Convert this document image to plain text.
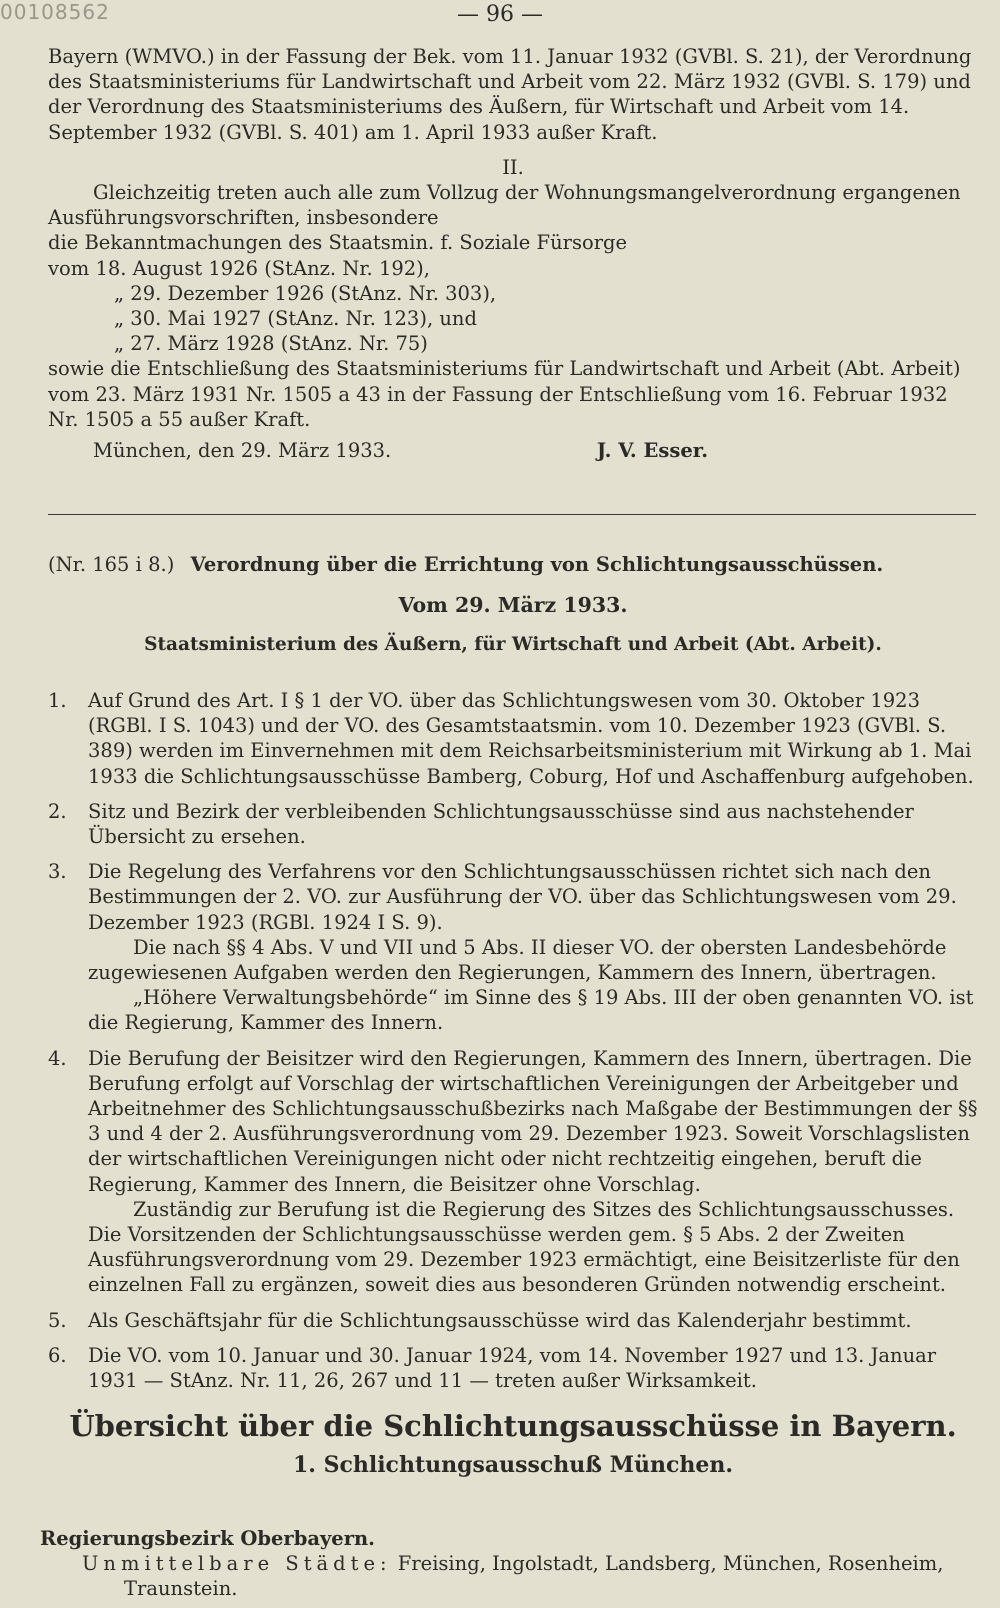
00108562	— 96 —

Bayern (WMVO.) in der Fassung der Bek. vom 11. Januar 1932 (GVBl. S. 21), der Verordnung des Staatsministeriums für Landwirtschaft und Arbeit vom 22. März 1932 (GVBl. S. 179) und der Verordnung des Staatsministeriums des Äußern, für Wirtschaft und Arbeit vom 14. September 1932 (GVBl. S. 401) am 1. April 1933 außer Kraft.

II.

Gleichzeitig treten auch alle zum Vollzug der Wohnungsmangelverordnung ergangenen Ausführungsvorschriften, insbesondere

die Bekanntmachungen des Staatsmin. f. Soziale Fürsorge

vom 18. August 1926 (StAnz. Nr. 192),

„ 29. Dezember 1926 (StAnz. Nr. 303),

„ 30. Mai 1927 (StAnz. Nr. 123), und

„ 27. März 1928 (StAnz. Nr. 75)

sowie die Entschließung des Staatsministeriums für Landwirtschaft und Arbeit (Abt. Arbeit) vom 23. März 1931 Nr. 1505 a 43 in der Fassung der Entschließung vom 16. Februar 1932 Nr. 1505 a 55 außer Kraft.

München, den 29. März 1933.	J. V. Esser.

(Nr. 165 i 8.) Verordnung über die Errichtung von Schlichtungsausschüssen.

Vom 29. März 1933.

Staatsministerium des Äußern, für Wirtschaft und Arbeit (Abt. Arbeit).

1.	Auf Grund des Art. I § 1 der VO. über das Schlichtungswesen vom 30. Oktober 1923 (RGBl. I S. 1043) und der VO. des Gesamtstaatsmin. vom 10. Dezember 1923 (GVBl. S. 389) werden im Einvernehmen mit dem Reichsarbeitsministerium mit Wirkung ab 1. Mai 1933 die Schlichtungsausschüsse Bamberg, Coburg, Hof und Aschaffenburg aufgehoben.
2.	Sitz und Bezirk der verbleibenden Schlichtungsausschüsse sind aus nachstehender Übersicht zu ersehen.
3.	Die Regelung des Verfahrens vor den Schlichtungsausschüssen richtet sich nach den Bestimmungen der 2. VO. zur Ausführung der VO. über das Schlichtungswesen vom 29. Dezember 1923 (RGBl. 1924 I S. 9).

Die nach §§ 4 Abs. V und VII und 5 Abs. II dieser VO. der obersten Landesbehörde zugewiesenen Aufgaben werden den Regierungen, Kammern des Innern, übertragen.

„Höhere Verwaltungsbehörde“ im Sinne des § 19 Abs. III der oben genannten VO. ist die Regierung, Kammer des Innern.

4.	Die Berufung der Beisitzer wird den Regierungen, Kammern des Innern, übertragen. Die Berufung erfolgt auf Vorschlag der wirtschaftlichen Vereinigungen der Arbeitgeber und Arbeitnehmer des Schlichtungsausschußbezirks nach Maßgabe der Bestimmungen der §§ 3 und 4 der 2. Ausführungsverordnung vom 29. Dezember 1923. Soweit Vorschlagslisten der wirtschaftlichen Vereinigungen nicht oder nicht rechtzeitig eingehen, beruft die Regierung, Kammer des Innern, die Beisitzer ohne Vorschlag.

Zuständig zur Berufung ist die Regierung des Sitzes des Schlichtungsausschusses. Die Vorsitzenden der Schlichtungsausschüsse werden gem. § 5 Abs. 2 der Zweiten Ausführungsverordnung vom 29. Dezember 1923 ermächtigt, eine Beisitzerliste für den einzelnen Fall zu ergänzen, soweit dies aus besonderen Gründen notwendig erscheint.

5.	Als Geschäftsjahr für die Schlichtungsausschüsse wird das Kalenderjahr bestimmt.
6.	Die VO. vom 10. Januar und 30. Januar 1924, vom 14. November 1927 und 13. Januar 1931 — StAnz. Nr. 11, 26, 267 und 11 — treten außer Wirksamkeit.

Übersicht über die Schlichtungsausschüsse in Bayern.

1. Schlichtungsausschuß München.

Regierungsbezirk Oberbayern.

Unmittelbare Städte: Freising, Ingolstadt, Landsberg, München, Rosenheim, Traunstein.
